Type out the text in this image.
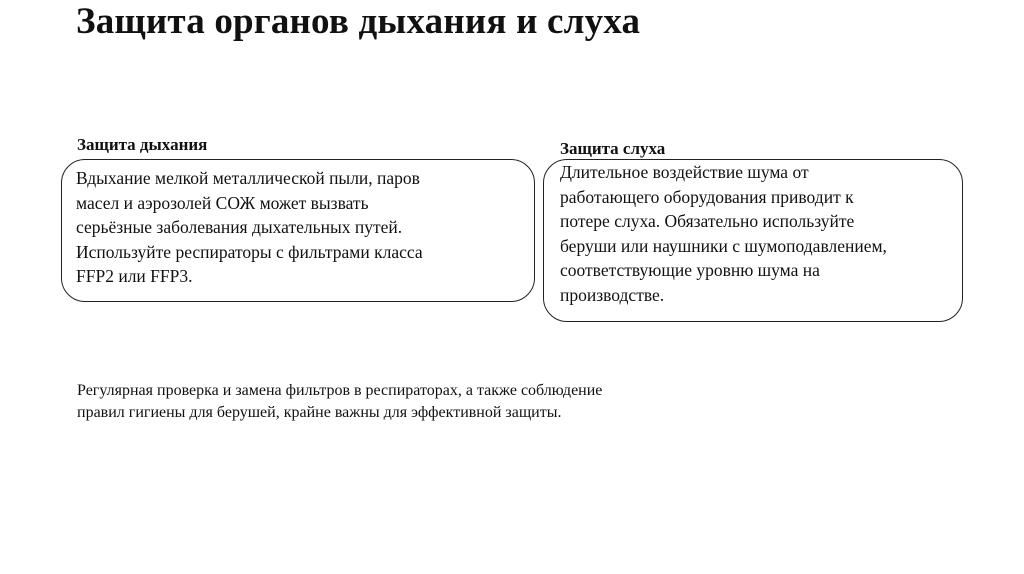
Защита органов дыхания и слуха
Защита дыхания

Вдыхание мелкой металлической пыли, паров
масел и аэрозолей СОЖ может вызвать
серьёзные заболевания дыхательных путей.
Используйте респираторы с фильтрами класса
FFP2 или FFP3.

Защита слуха

Длительное воздействие шума от
работающего оборудования приводит к
потере слуха. Обязательно используйте
беруши или наушники с шумоподавлением,
соответствующие уровню шума на
производстве.

Регулярная проверка и замена фильтров в респираторах, а также соблюдение
правил гигиены для берушей, крайне важны для эффективной защиты.
